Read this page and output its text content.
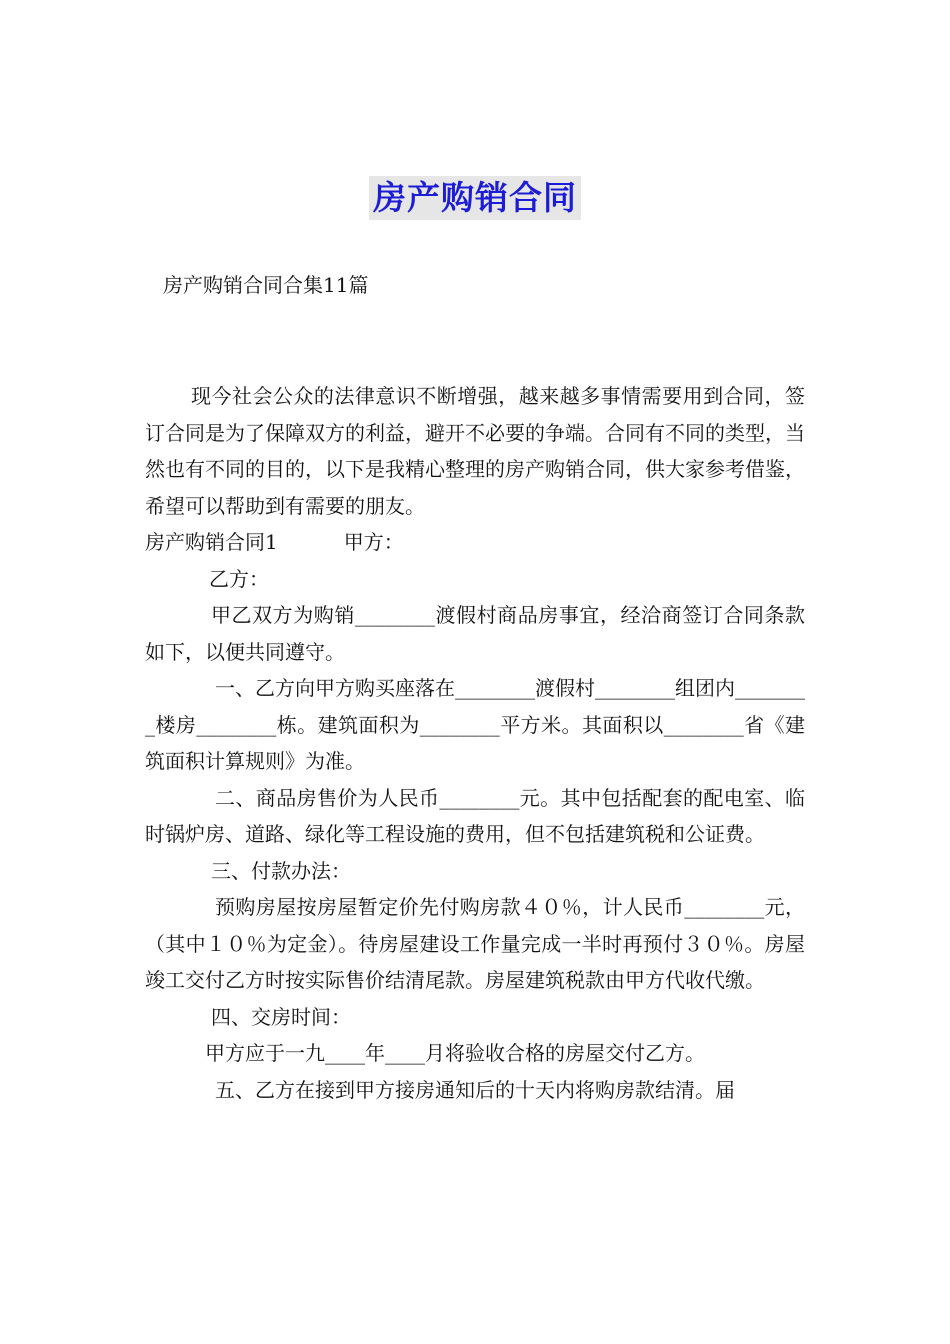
房产购销合同
房产购销合同合集11篇

现今社会公众的法律意识不断增强，越来越多事情需要用到合同，签订合同是为了保障双方的利益，避开不必要的争端。合同有不同的类型，当然也有不同的目的，以下是我精心整理的房产购销合同，供大家参考借鉴，希望可以帮助到有需要的朋友。

房产购销合同1	甲方：

乙方：

甲乙双方为购销________渡假村商品房事宜，经洽商签订合同条款如下，以便共同遵守。

一、乙方向甲方购买座落在________渡假村________组团内________楼房________栋。建筑面积为________平方米。其面积以________省《建筑面积计算规则》为准。

二、商品房售价为人民币________元。其中包括配套的配电室、临时锅炉房、道路、绿化等工程设施的费用，但不包括建筑税和公证费。

三、付款办法：

预购房屋按房屋暂定价先付购房款４０％，计人民币________元，（其中１０％为定金）。待房屋建设工作量完成一半时再预付３０％。房屋竣工交付乙方时按实际售价结清尾款。房屋建筑税款由甲方代收代缴。

四、交房时间：

甲方应于一九____年____月将验收合格的房屋交付乙方。

五、乙方在接到甲方接房通知后的十天内将购房款结清。届
